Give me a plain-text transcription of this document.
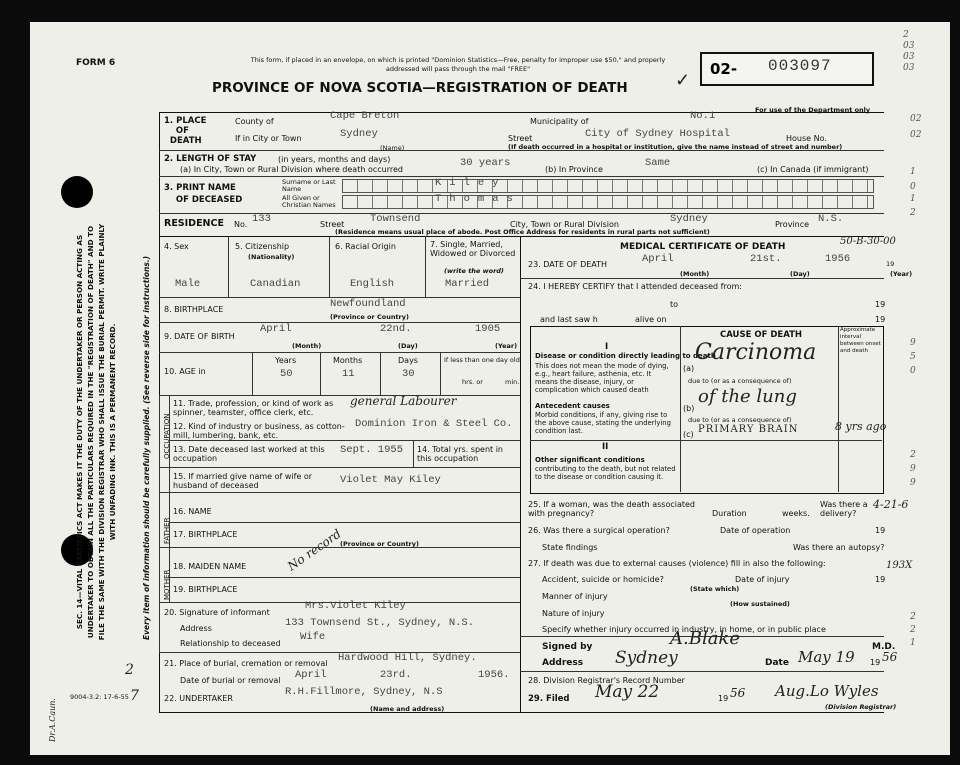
FORM 6	This form, if placed in an envelope, on which is printed "Dominion Statistics—Free, penalty for improper use $50," and properly addressed will pass through the mail "FREE"
PROVINCE OF NOVA SCOTIA—REGISTRATION OF DEATH
02- 003097
For use of the Department only
✓
SEC. 14—VITAL STATISTICS ACT MAKES IT THE DUTY OF THE UNDERTAKER OR PERSON ACTING AS UNDERTAKER TO OBTAIN ALL THE PARTICULARS REQUIRED IN THE "REGISTRATION OF DEATH" AND TO FILE THE SAME WITH THE DIVISION REGISTRAR WHO SHALL ISSUE THE BURIAL PERMIT. WRITE PLAINLY WITH UNFADING INK. THIS IS A PERMANENT RECORD.	Every item of information should be carefully supplied. (See reverse side for instructions.)
Dr.A.Caun.
9004-3.2: 17-6-55
1. PLACE
OF
DEATH
County of	Cape Breton	Municipality of	No.1
If in City or Town	Sydney	Street	City of Sydney Hospital	House No.
(Name)	(If death occurred in a hospital or institution, give the name instead of street and number)
2. LENGTH OF STAY	(in years, months and days)
(a) In City, Town or Rural Division where death occurred
30 years
(b) In Province
Same
(c) In Canada (if immigrant)
3. PRINT NAME
OF DECEASED
Surname or Last Name
All Given or Christian Names
Kiley
Thomas
RESIDENCE No. 133	Street Townsend	City, Town or Rural Division	Sydney	Province N.S.
(Residence means usual place of abode. Post Office Address for residents in rural parts not sufficient)
4. Sex
Male
5. Citizenship
(Nationality)
Canadian
6. Racial Origin
English
7. Single, Married, Widowed or Divorced
(write the word)
Married
8. BIRTHPLACE	Newfoundland
(Province or Country)
9. DATE OF BIRTH
April	22nd.	1905
(Month)	(Day)	(Year)
10. AGE in
Years
50
Months
11
Days
30
If less than one day old
hrs. or	min.
OCCUPATION
11. Trade, profession, or kind of work as spinner, teamster, office clerk, etc.
general Labourer
12. Kind of industry or business, as cotton-mill, lumbering, bank, etc.
Dominion Iron & Steel Co.
13. Date deceased last worked at this occupation
Sept. 1955 14. Total yrs. spent in this occupation
15. If married give name of wife or husband of deceased	Violet May Kiley
FATHER
16. NAME
17. BIRTHPLACE
(Province or Country)
No record
MOTHER
18. MAIDEN NAME
19. BIRTHPLACE
20. Signature of informant
Mrs.Violet Kiley
Address	133 Townsend St., Sydney, N.S.
Relationship to deceased
Wife
21. Place of burial, cremation or removal Hardwood Hill, Sydney.
Date of burial or removal April	23rd.	1956.
22. UNDERTAKER
R.H.Fillmore, Sydney, N.S
(Name and address)
MEDICAL CERTIFICATE OF DEATH	50-B-30-00
23. DATE OF DEATH	April	21st.	1956	19
(Month)	(Day)	(Year)
24. I HEREBY CERTIFY that I attended deceased from:
to	19
and last saw h	alive on	19
CAUSE OF DEATH	Approximate interval between onset and death
I
Disease or condition directly leading to death
This does not mean the mode of dying, e.g., heart failure, asthenia, etc. It means the disease, injury, or complication which caused death
(a)
Carcinoma
due to (or as a consequence of)
Antecedent causes
Morbid conditions, if any, giving rise to the above cause, stating the underlying condition last.
(b)
of the lung
due to (or as a consequence of)
(c) PRIMARY BRAIN	8 yrs ago
II
Other significant conditions
contributing to the death, but not related to the disease or condition causing it.
25. If a woman, was the death associated with pregnancy?	Duration	weeks.
Was there a delivery?
26. Was there a surgical operation?	Date of operation	19
State findings	Was there an autopsy?
27. If death was due to external causes (violence) fill in also the following:
Accident, suicide or homicide?	Date of injury	19
(State which)
Manner of injury
Nature of injury
(How sustained)
Specify whether injury occurred in industry, in home, or in public place
Signed by	A.Blake	M.D.
Address Sydney	Date May 19 19 56
28. Division Registrar's Record Number
29. Filed May 22	19 56 Aug.Lo Wyles
(Division Registrar)
2
03
03
03
02
02
1
0
1
2
9
5
0
2
9
9
2
2
1
4-21-6
193X
2
7
